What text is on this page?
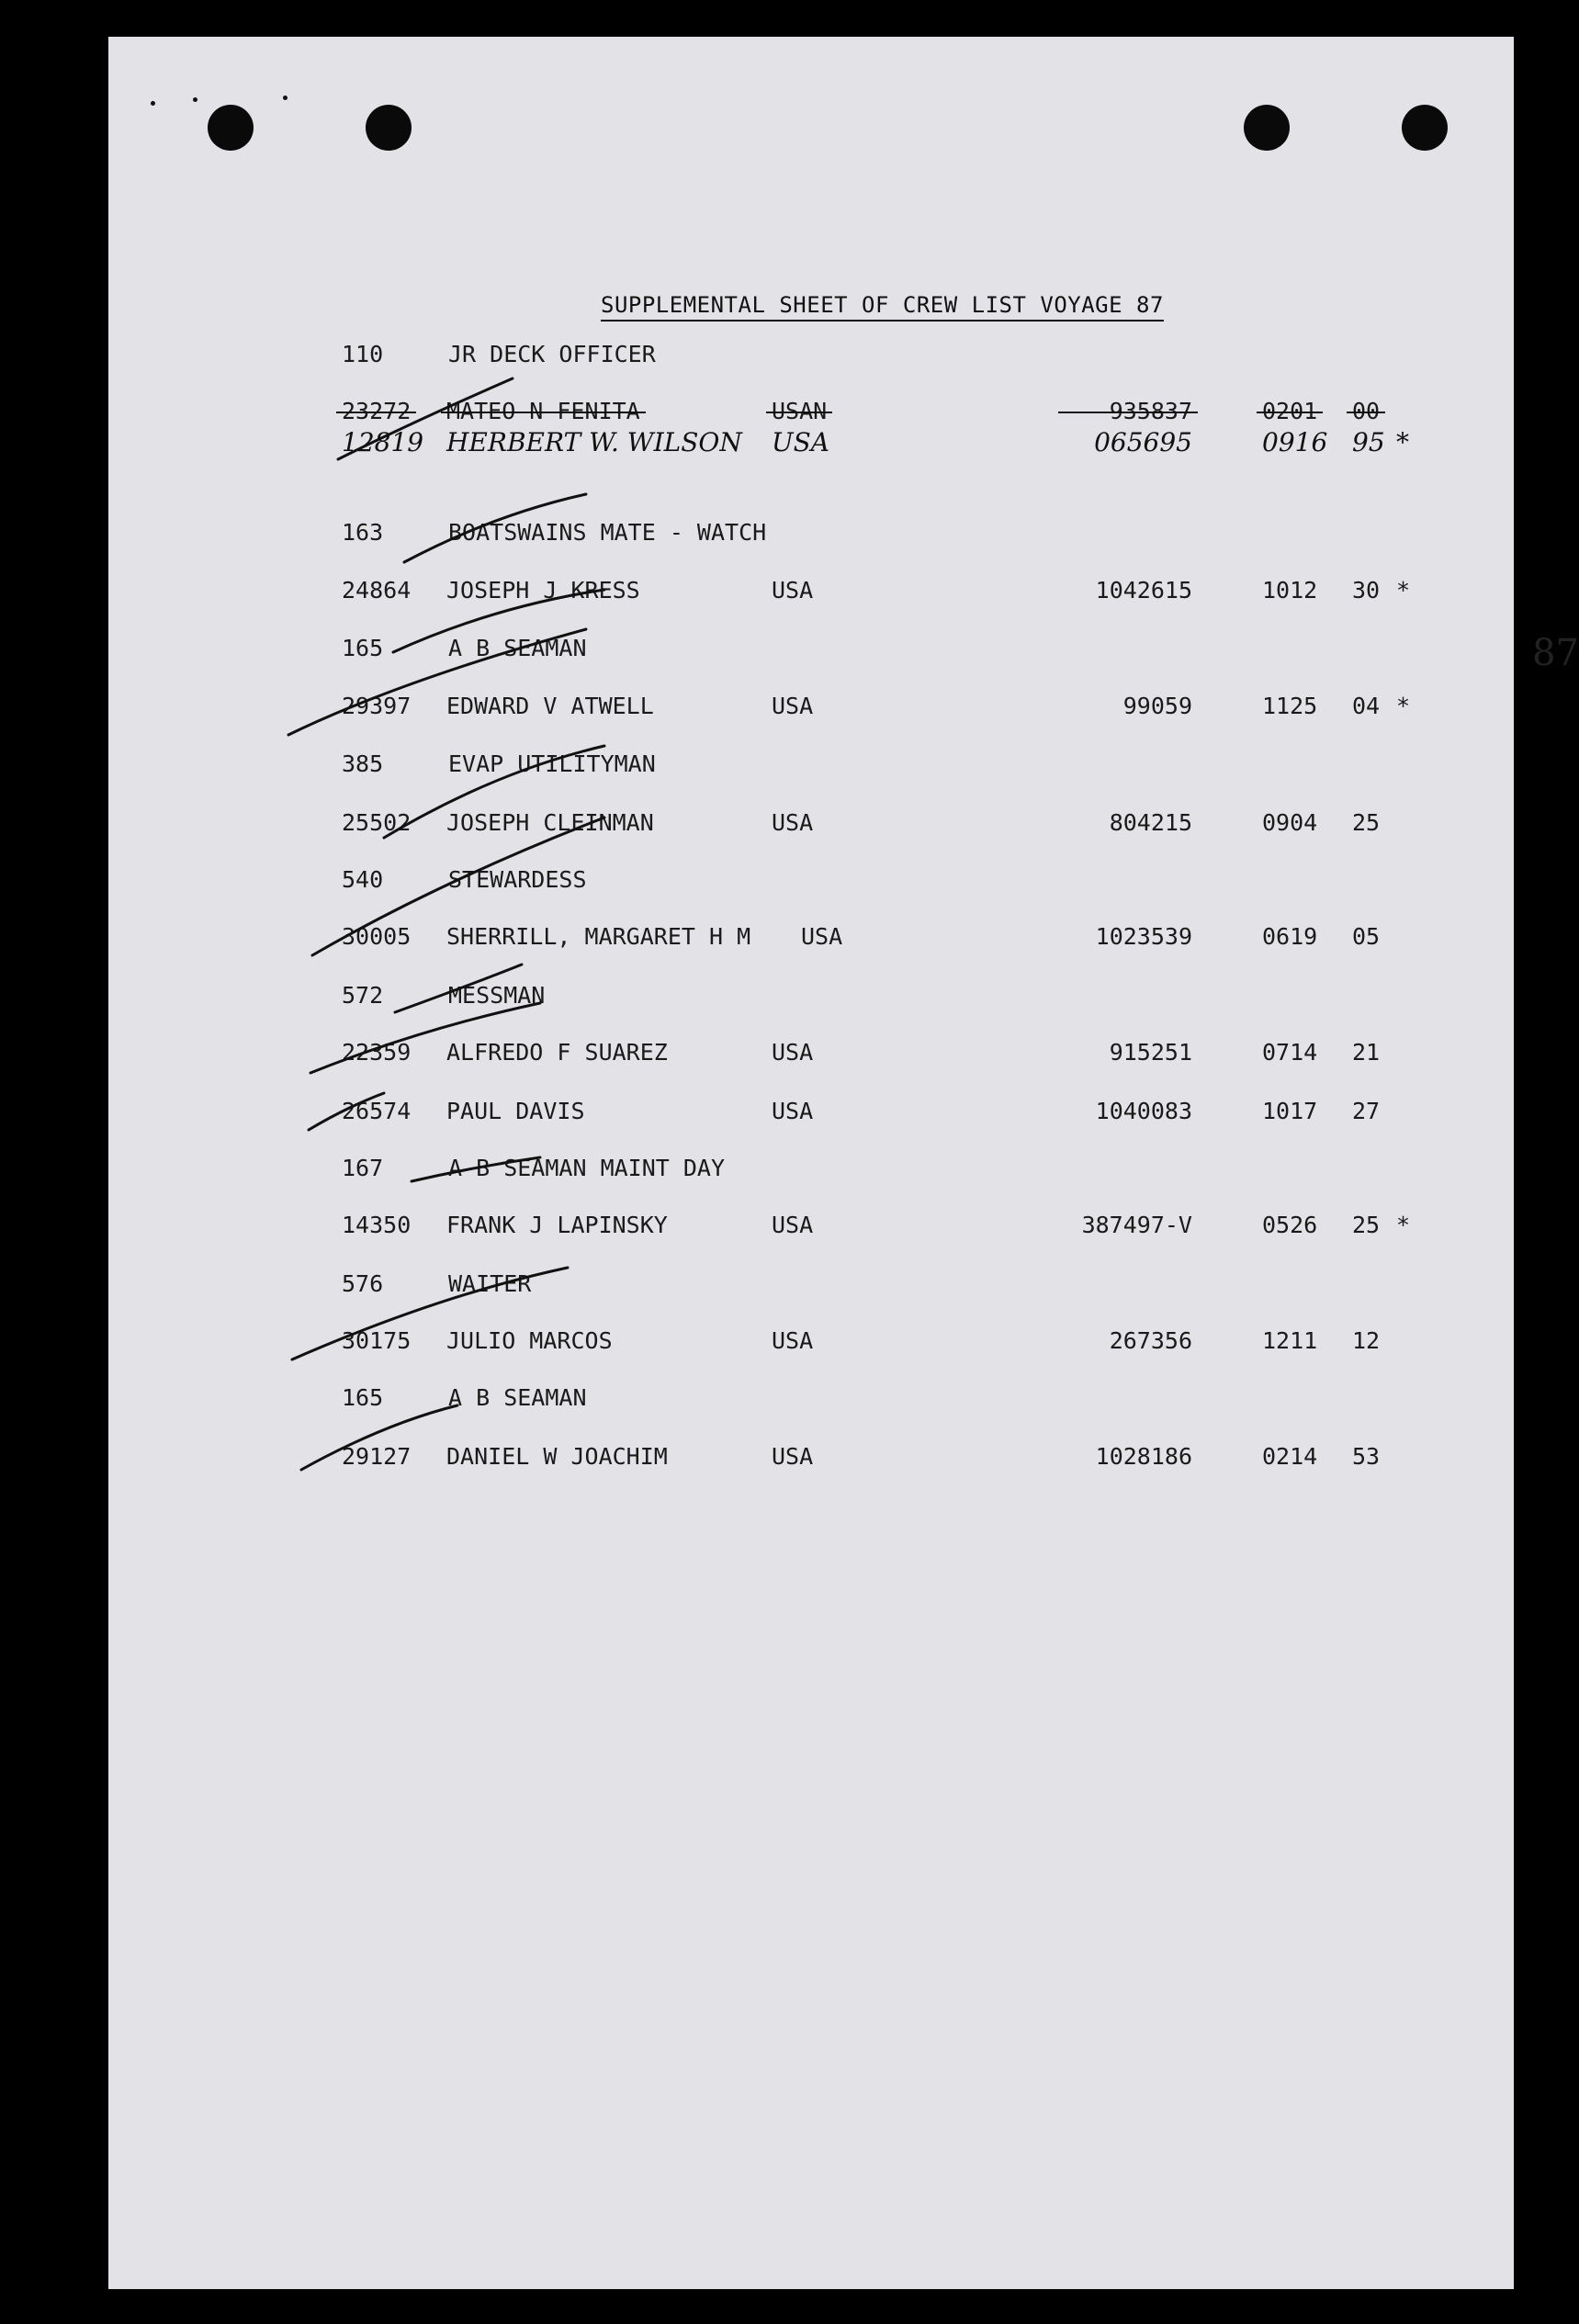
SUPPLEMENTAL SHEET OF CREW LIST VOYAGE 87
87
110	JR DECK OFFICER
23272 MATEO N FENITA	USAN	935837	0201 00
12819 HERBERT W. WILSON USA	065695	0916 95 *
163	BOATSWAINS MATE - WATCH
24864 JOSEPH J KRESS	USA	1042615	1012 30 *
165	A B SEAMAN
29397 EDWARD V ATWELL	USA	99059	1125 04 *
385	EVAP UTILITYMAN
25502 JOSEPH CLEINMAN	USA	804215	0904 25
540	STEWARDESS
30005 SHERRILL, MARGARET H M USA	1023539	0619 05
572	MESSMAN
22359 ALFREDO F SUAREZ	USA	915251	0714 21
26574 PAUL DAVIS	USA	1040083	1017 27
167	A B SEAMAN MAINT DAY
14350 FRANK J LAPINSKY	USA	387497-V	0526 25 *
576	WAITER
30175 JULIO MARCOS	USA	267356	1211 12
165	A B SEAMAN
29127 DANIEL W JOACHIM	USA	1028186	0214 53
